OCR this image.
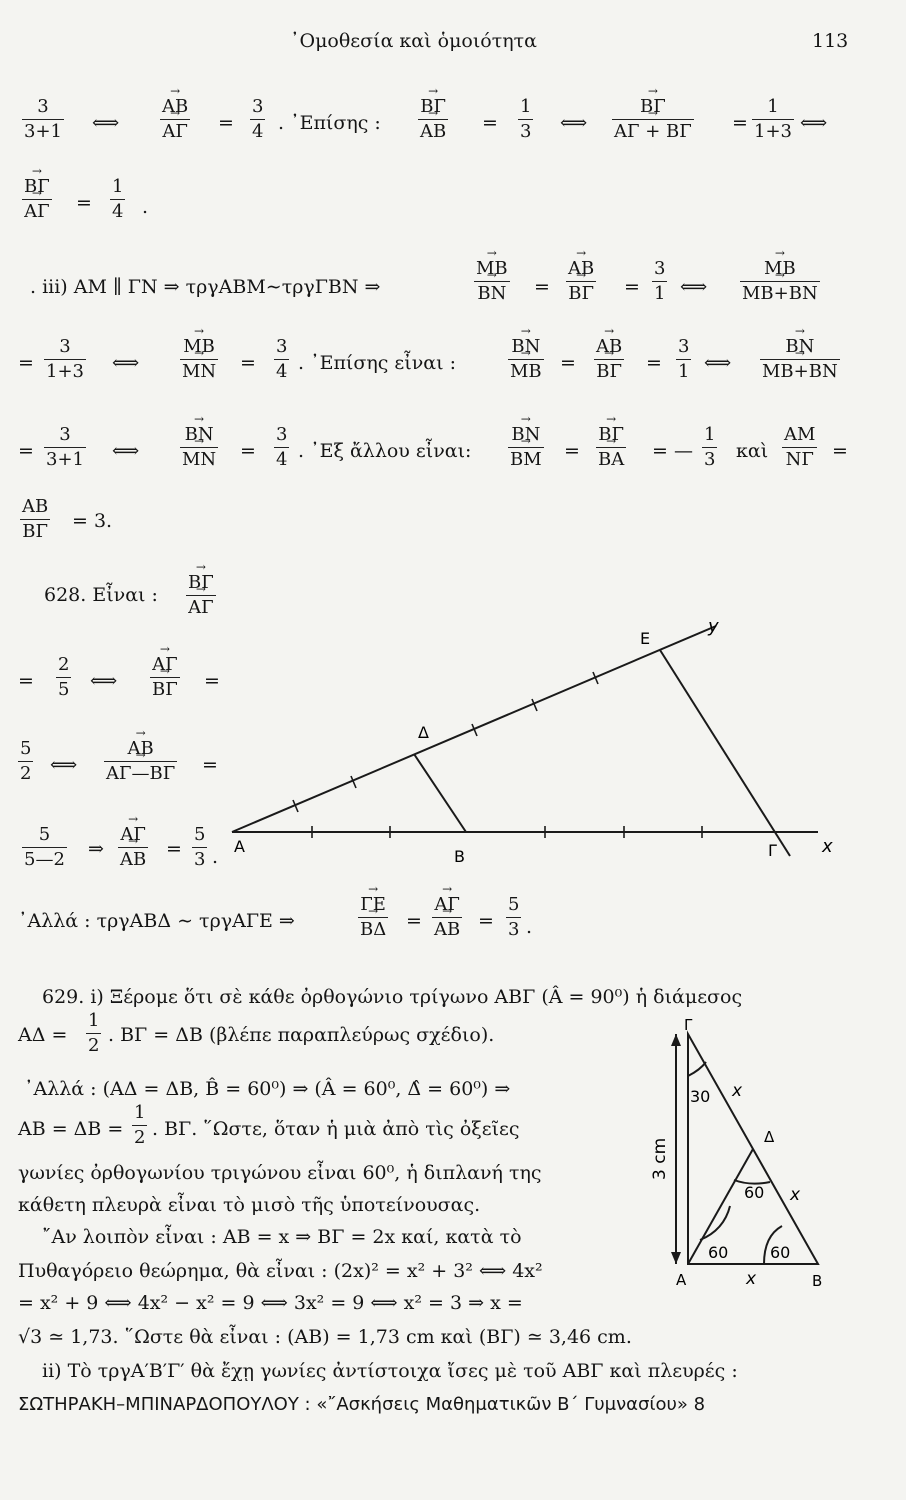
᾿Ομοθεσία καὶ ὁμοιότητα	113
3
3+1 ⟺
→ AB
→ AΓ =
3
4 . ᾿Επίσης :
→ BΓ
→ AB =
1
3 ⟺
→ BΓ
→ AΓ + BΓ =
1
1+3 ⟺
→ BΓ
→ AΓ =
1
4 .
. iii) AM ∥ ΓN ⇒ τργABM∼τργΓBN ⇒
→ MB
→ BN =
→ AB
→ BΓ =
3
1 ⟺
→ MB
→ MB+BN
=
3
1+3 ⟺
→ MB
→ MN =
3
4 . ᾿Επίσης εἶναι :
→ BN
→ MB =
→ AB
→ BΓ =
3
1 ⟺
→ BN
→ MB+BN
=
3
3+1 ⟺
→ BN
→ MN =
3
4 . ᾿Εξ ἄλλου εἶναι:
→ BN
→ BM =
→ BΓ
→ BA = —
1
3 καὶ
AM
NΓ =
AB
BΓ = 3.
628. Εἶναι :
→ BΓ
→ AΓ
=
2
5 ⟺
→ AΓ
→ BΓ =
5
2 ⟺
→ AB
→ AΓ—BΓ =
5
5—2 ⇒
→ AΓ
→ AB =
5
3 .
᾿Αλλά : τργABΔ ∼ τργAΓE ⇒
→ ΓE
→ BΔ =
→ AΓ
→ AB =
5
3 .
A
B	Γ
Δ
E
x
y
629. i) Ξέρομε ὅτι σὲ κάθε ὀρθογώνιο τρίγωνο ABΓ (Â = 90⁰) ἡ διάμεσος
AΔ =
1
2 . BΓ = ΔB (βλέπε παραπλεύρως σχέδιο).
᾿Αλλά : (AΔ = ΔB, B̂ = 60⁰) ⇒ (Â = 60⁰, Δ̂ = 60⁰) ⇒
AB = ΔB =
1
2 . BΓ. ῞Ωστε, ὅταν ἡ μιὰ ἀπὸ τὶς ὀξεῖες
γωνίες ὀρθογωνίου τριγώνου εἶναι 60⁰, ἡ διπλανή της
κάθετη πλευρὰ εἶναι τὸ μισὸ τῆς ὑποτείνουσας.
῎Αν λοιπὸν εἶναι : AB = x ⇒ BΓ = 2x καί, κατὰ τὸ
Πυθαγόρειο θεώρημα, θὰ εἶναι : (2x)² = x² + 3² ⟺ 4x²
= x² + 9 ⟺ 4x² − x² = 9 ⟺ 3x² = 9 ⟺ x² = 3 ⇒ x =
√3 ≃ 1,73. ῞Ωστε θὰ εἶναι : (AB) = 1,73 cm καὶ (BΓ) ≃ 3,46 cm.
ii) Τὸ τργA′B′Γ′ θὰ ἔχῃ γωνίες ἀντίστοιχα ἴσες μὲ τοῦ ABΓ καὶ πλευρές :
A	B
Δ
Γ
30
60
60	60
x
x
x
3 cm
ΣΩΤΗΡΑΚΗ–ΜΠΙΝΑΡΔΟΠΟΥΛΟΥ : «῎Ασκήσεις Μαθηματικῶν B΄ Γυμνασίου» 8
